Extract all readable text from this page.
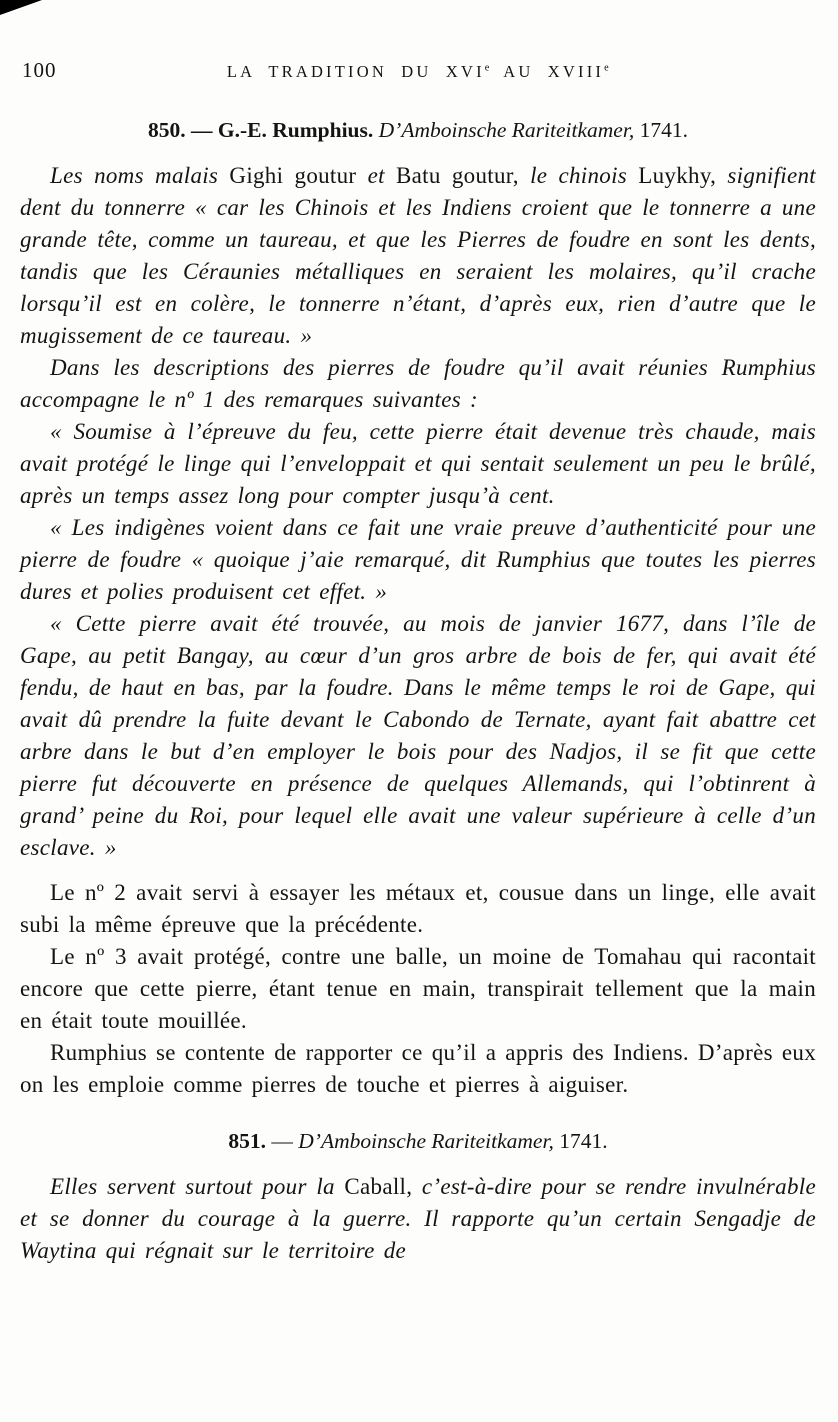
100	LA TRADITION DU XVIe AU XVIIIe
850. — G.-E. Rumphius. D’Amboinsche Rariteitkamer, 1741.

Les noms malais Gighi goutur et Batu goutur, le chinois Luykhy, signifient dent du tonnerre « car les Chinois et les Indiens croient que le tonnerre a une grande tête, comme un taureau, et que les Pierres de foudre en sont les dents, tandis que les Céraunies métalliques en seraient les molaires, qu’il crache lorsqu’il est en colère, le tonnerre n’étant, d’après eux, rien d’autre que le mugissement de ce taureau. »

Dans les descriptions des pierres de foudre qu’il avait réunies Rumphius accompagne le nº 1 des remarques suivantes :

« Soumise à l’épreuve du feu, cette pierre était devenue très chaude, mais avait protégé le linge qui l’enveloppait et qui sentait seulement un peu le brûlé, après un temps assez long pour compter jusqu’à cent.

« Les indigènes voient dans ce fait une vraie preuve d’authenticité pour une pierre de foudre « quoique j’aie remarqué, dit Rumphius que toutes les pierres dures et polies produisent cet effet. »

« Cette pierre avait été trouvée, au mois de janvier 1677, dans l’île de Gape, au petit Bangay, au cœur d’un gros arbre de bois de fer, qui avait été fendu, de haut en bas, par la foudre. Dans le même temps le roi de Gape, qui avait dû prendre la fuite devant le Cabondo de Ternate, ayant fait abattre cet arbre dans le but d’en employer le bois pour des Nadjos, il se fit que cette pierre fut découverte en présence de quelques Allemands, qui l’obtinrent à grand’ peine du Roi, pour lequel elle avait une valeur supérieure à celle d’un esclave. »

Le nº 2 avait servi à essayer les métaux et, cousue dans un linge, elle avait subi la même épreuve que la précédente.

Le nº 3 avait protégé, contre une balle, un moine de Tomahau qui racontait encore que cette pierre, étant tenue en main, transpirait tellement que la main en était toute mouillée.

Rumphius se contente de rapporter ce qu’il a appris des Indiens. D’après eux on les emploie comme pierres de touche et pierres à aiguiser.

851. — D’Amboinsche Rariteitkamer, 1741.

Elles servent surtout pour la Caball, c’est-à-dire pour se rendre invulnérable et se donner du courage à la guerre. Il rapporte qu’un certain Sengadje de Waytina qui régnait sur le territoire de
